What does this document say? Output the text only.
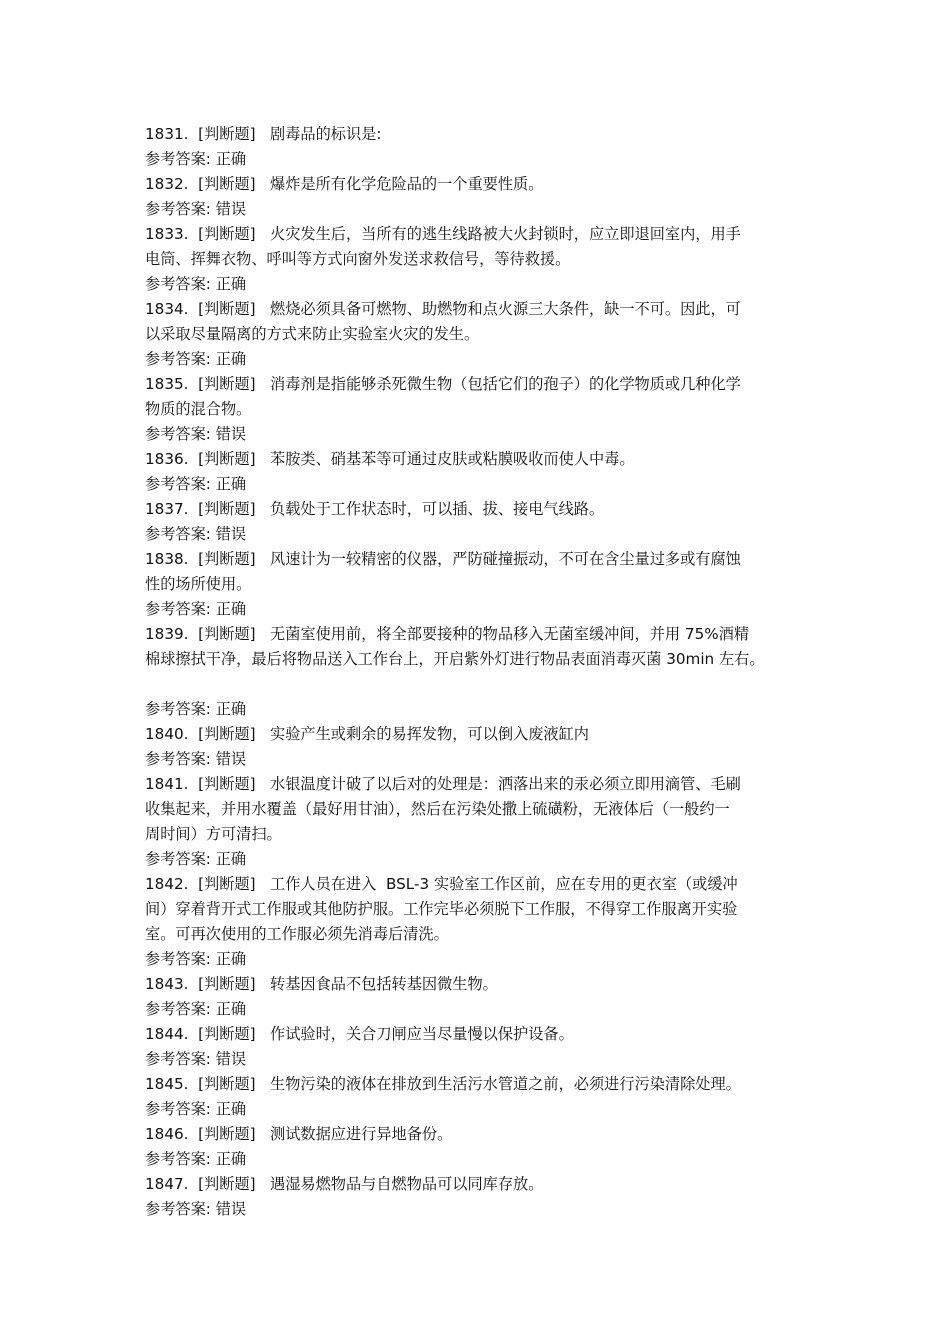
1831.  [判断题]   剧毒品的标识是:
参考答案: 正确
1832.  [判断题]   爆炸是所有化学危险品的一个重要性质。
参考答案: 错误
1833.  [判断题]   火灾发生后，当所有的逃生线路被大火封锁时，应立即退回室内，用手
电筒、挥舞衣物、呼叫等方式向窗外发送求救信号，等待救援。
参考答案: 正确
1834.  [判断题]   燃烧必须具备可燃物、助燃物和点火源三大条件，缺一不可。因此，可
以采取尽量隔离的方式来防止实验室火灾的发生。
参考答案: 正确
1835.  [判断题]   消毒剂是指能够杀死微生物（包括它们的孢子）的化学物质或几种化学
物质的混合物。
参考答案: 错误
1836.  [判断题]   苯胺类、硝基苯等可通过皮肤或粘膜吸收而使人中毒。
参考答案: 正确
1837.  [判断题]   负载处于工作状态时，可以插、拔、接电气线路。
参考答案: 错误
1838.  [判断题]   风速计为一较精密的仪器，严防碰撞振动，不可在含尘量过多或有腐蚀
性的场所使用。
参考答案: 正确
1839.  [判断题]   无菌室使用前，将全部要接种的物品移入无菌室缓冲间，并用 75%酒精
棉球擦拭干净，最后将物品送入工作台上，开启紫外灯进行物品表面消毒灭菌 30min 左右。
参考答案: 正确
1840.  [判断题]   实验产生或剩余的易挥发物，可以倒入废液缸内
参考答案: 错误
1841.  [判断题]   水银温度计破了以后对的处理是：洒落出来的汞必须立即用滴管、毛刷
收集起来，并用水覆盖（最好用甘油），然后在污染处撒上硫磺粉，无液体后（一般约一
周时间）方可清扫。
参考答案: 正确
1842.  [判断题]   工作人员在进入  BSL-3 实验室工作区前，应在专用的更衣室（或缓冲
间）穿着背开式工作服或其他防护服。工作完毕必须脱下工作服，不得穿工作服离开实验
室。可再次使用的工作服必须先消毒后清洗。
参考答案: 正确
1843.  [判断题]   转基因食品不包括转基因微生物。
参考答案: 正确
1844.  [判断题]   作试验时，关合刀闸应当尽量慢以保护设备。
参考答案: 错误
1845.  [判断题]   生物污染的液体在排放到生活污水管道之前，必须进行污染清除处理。
参考答案: 正确
1846.  [判断题]   测试数据应进行异地备份。
参考答案: 正确
1847.  [判断题]   遇湿易燃物品与自燃物品可以同库存放。
参考答案: 错误
